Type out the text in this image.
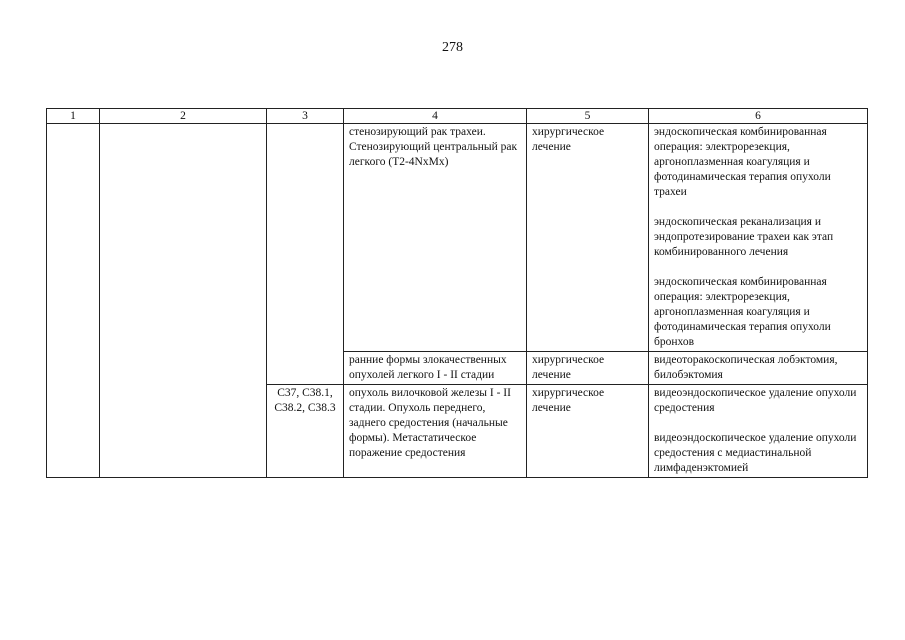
278
1	2	3	4	5	6
			стенозирующий рак трахеи. Стенозирующий центральный рак легкого (T2-4NxMx)	хирургическое лечение	эндоскопическая комбинированная операция: электрорезекция, аргоноплазменная коагуляция и фотодинамическая терапия опухоли трахеи
эндоскопическая реканализация и эндопротезирование трахеи как этап комбинированного лечения
эндоскопическая комбинированная операция: электрорезекция, аргоноплазменная коагуляция и фотодинамическая терапия опухоли бронхов

			ранние формы злокачественных опухолей легкого I - II стадии	хирургическое лечение	видеоторакоскопическая лобэктомия, билобэктомия

		C37, C38.1, C38.2, C38.3	опухоль вилочковой железы I - II стадии. Опухоль переднего, заднего средостения (начальные формы). Метастатическое поражение средостения	хирургическое лечение	видеоэндоскопическое удаление опухоли средостения
видеоэндоскопическое удаление опухоли средостения с медиастинальной лимфаденэктомией
